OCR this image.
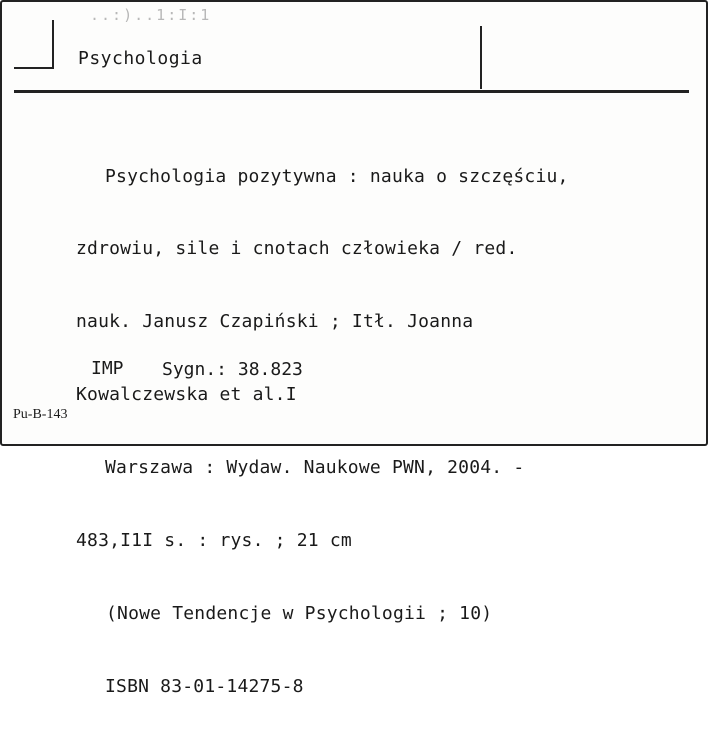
..:)..1:I:1
Psychologia

Psychologia pozytywna : nauka o szczęściu,

zdrowiu, sile i cnotach człowieka / red.

nauk. Janusz Czapiński ; Itł. Joanna

Kowalczewska et al.I

Warszawa : Wydaw. Naukowe PWN, 2004. -

483,I1I s. : rys. ; 21 cm

(Nowe Tendencje w Psychologii ; 10)

ISBN 83-01-14275-8

IMP Sygn.: 38.823
Pu-B-143
